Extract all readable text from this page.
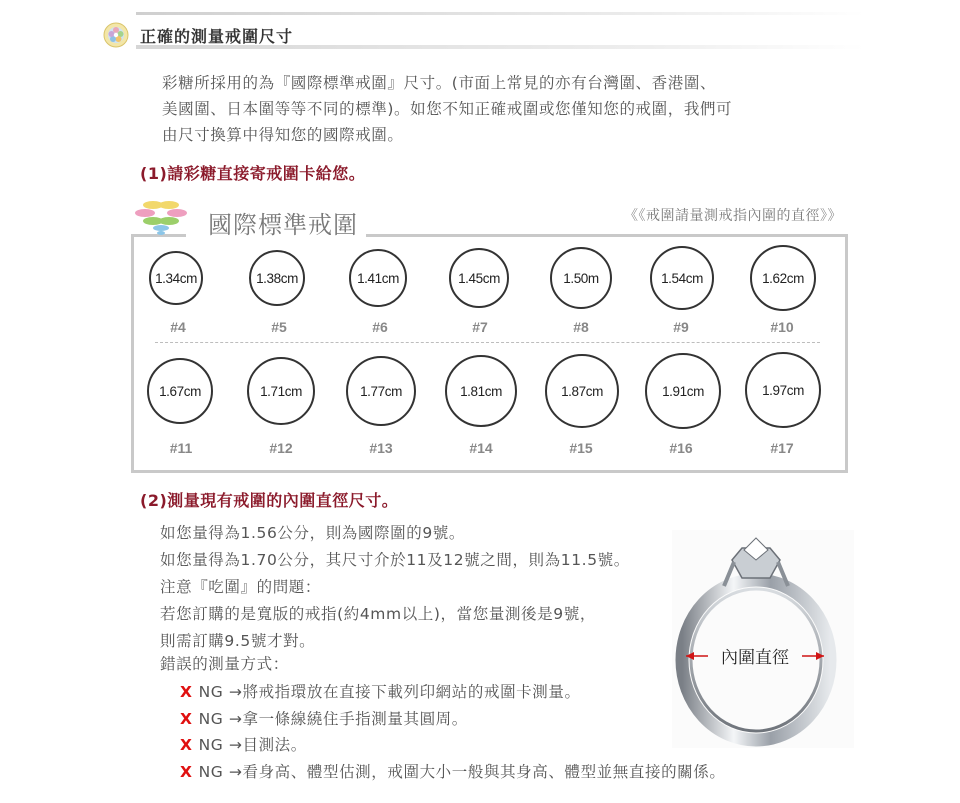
正確的測量戒圍尺寸
彩糖所採用的為『國際標準戒圍』尺寸。(市面上常見的亦有台灣圍、香港圍、
美國圍、日本圍等等不同的標準)。如您不知正確戒圍或您僅知您的戒圍，我們可
由尺寸換算中得知您的國際戒圍。
(1)請彩糖直接寄戒圍卡給您。
國際標準戒圍	《《戒圍請量測戒指內圍的直徑》》
1.34cm
#4
1.38cm
#5
1.41cm
#6
1.45cm
#7
1.50m
#8
1.54cm
#9
1.62cm
#10
1.67cm
#11
1.71cm
#12
1.77cm
#13
1.81cm
#14
1.87cm
#15
1.91cm
#16
1.97cm
#17
(2)測量現有戒圍的內圍直徑尺寸。

如您量得為1.56公分，則為國際圍的9號。

如您量得為1.70公分，其尺寸介於11及12號之間，則為11.5號。

注意『吃圍』的問題：

若您訂購的是寬版的戒指(約4mm以上)，當您量測後是9號，

則需訂購9.5號才對。

錯誤的測量方式：
X NG →將戒指環放在直接下載列印網站的戒圍卡測量。
X NG →拿一條線繞住手指測量其圓周。
X NG →目測法。
X NG →看身高、體型估測，戒圍大小一般與其身高、體型並無直接的關係。
內圍直徑
